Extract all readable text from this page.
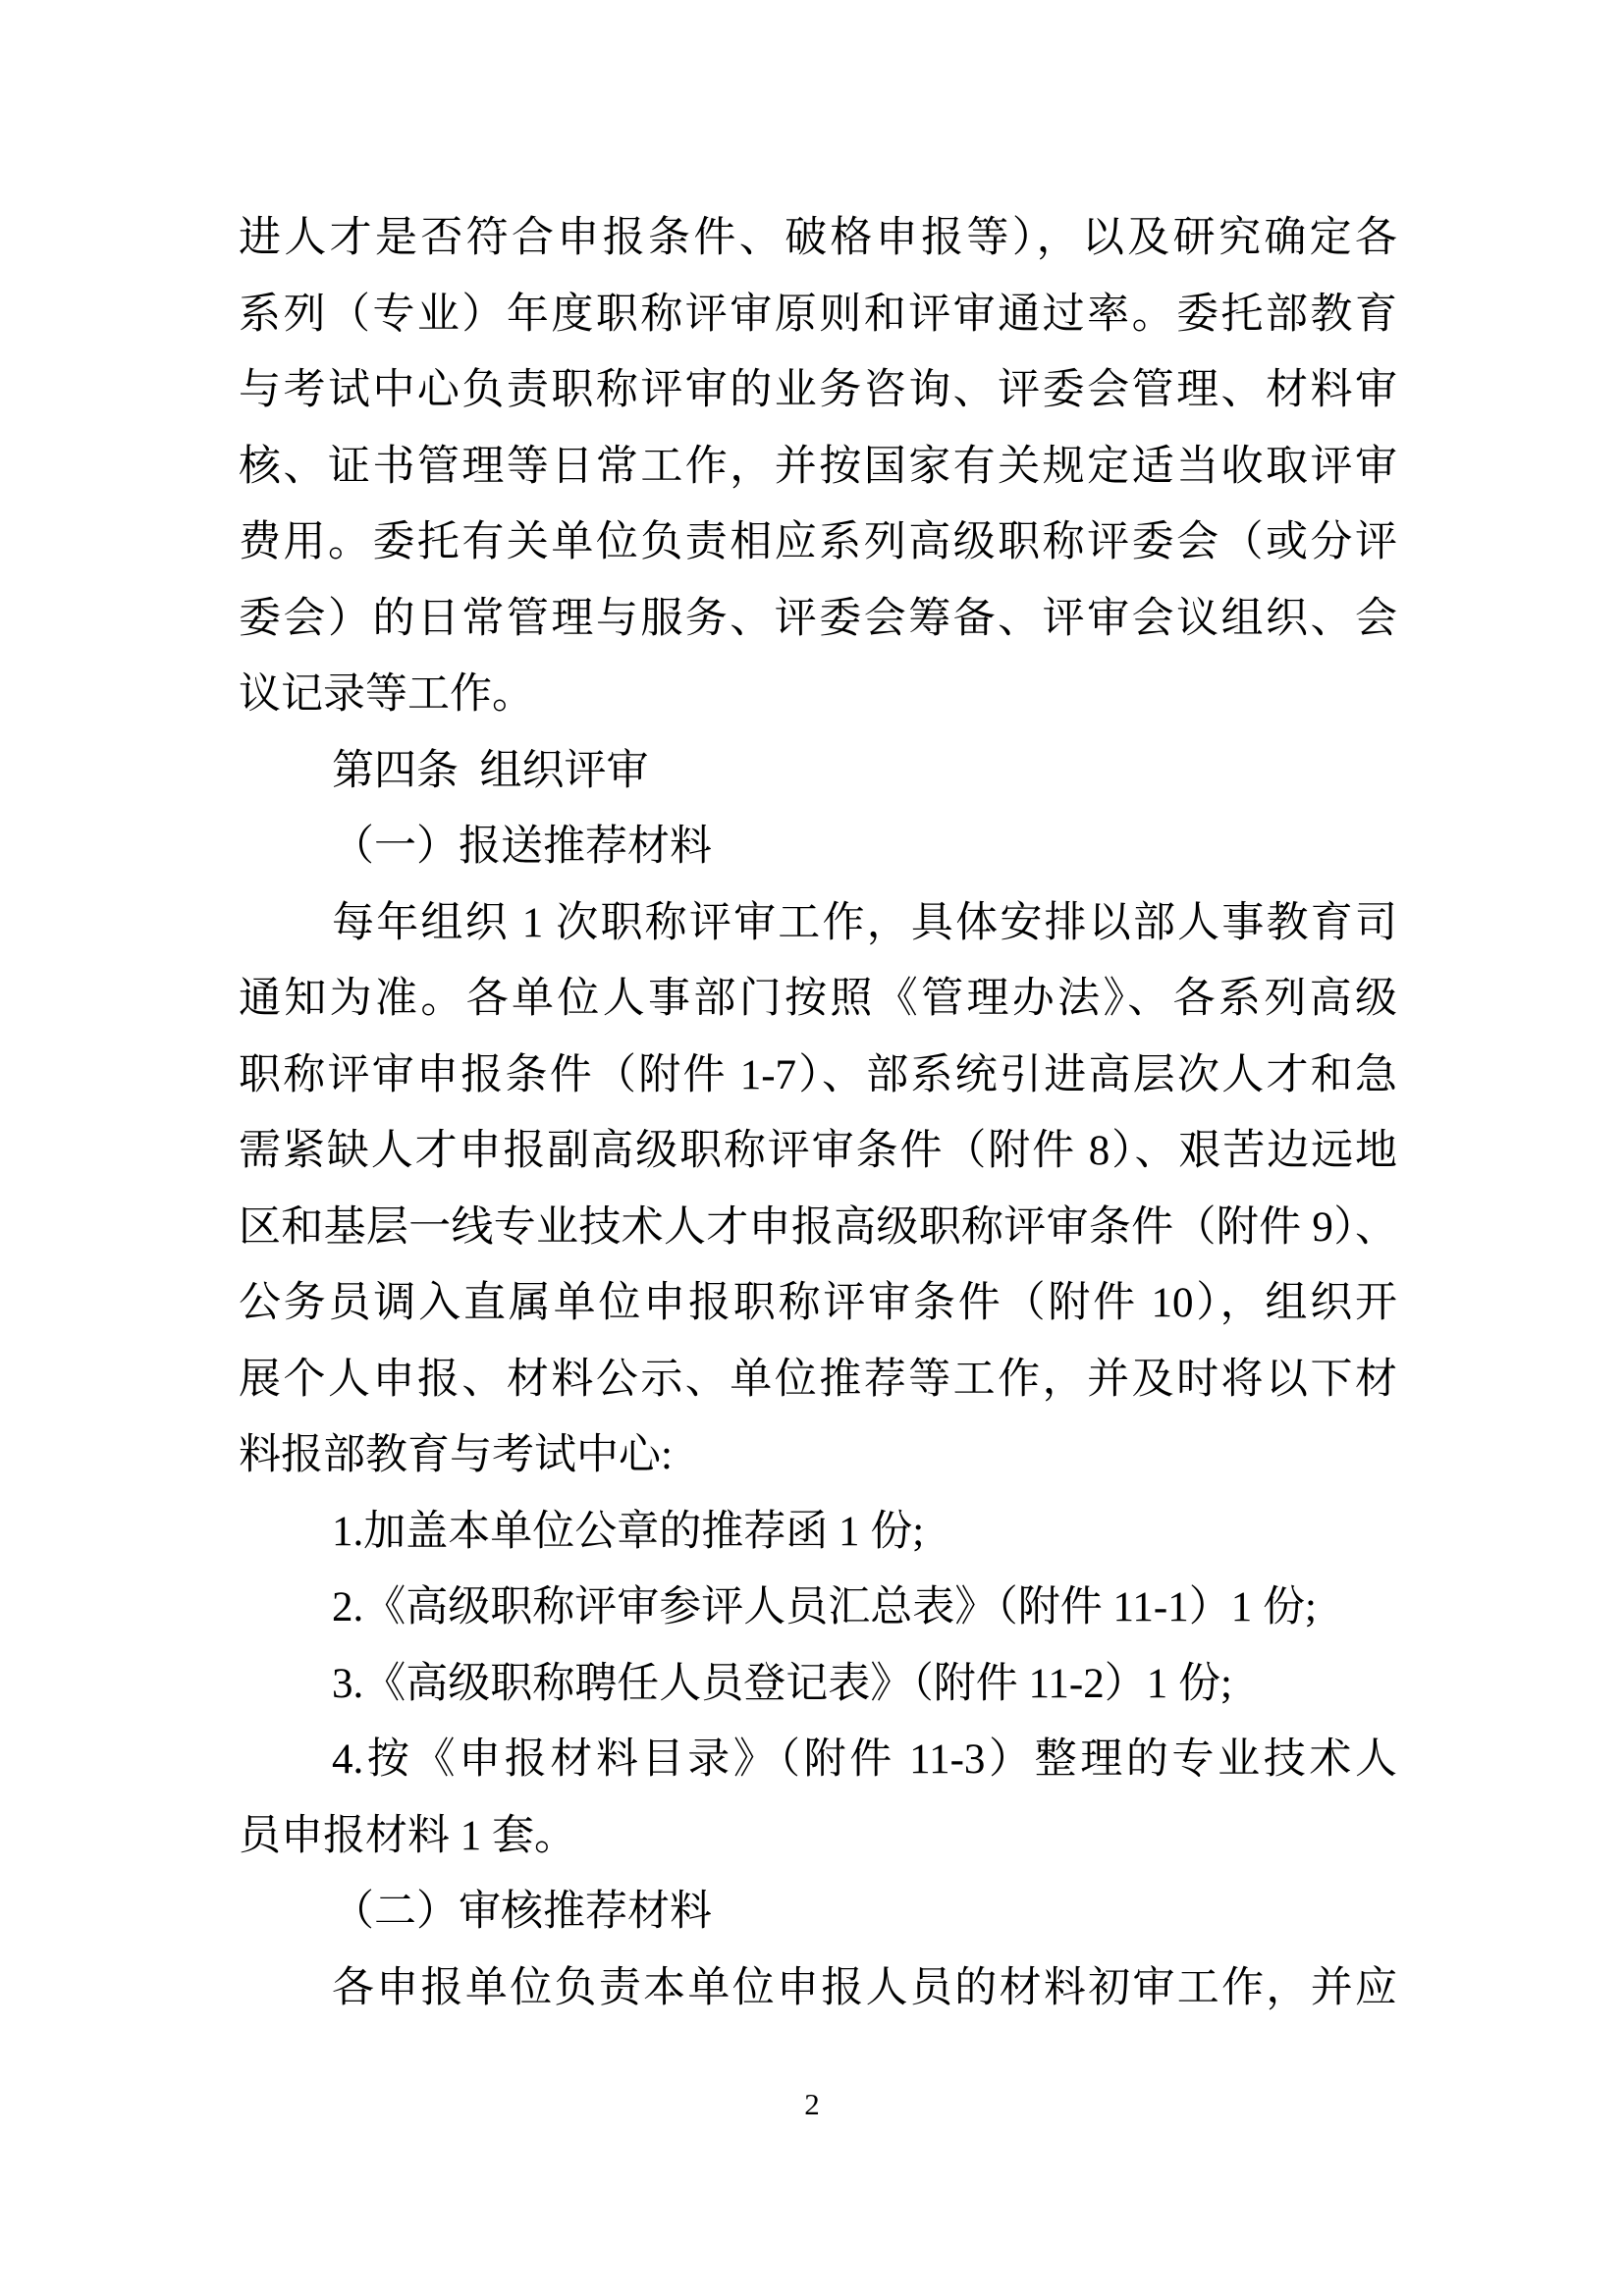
进人才是否符合申报条件、破格申报等），以及研究确定各
系列（专业）年度职称评审原则和评审通过率。委托部教育
与考试中心负责职称评审的业务咨询、评委会管理、材料审
核、证书管理等日常工作，并按国家有关规定适当收取评审
费用。委托有关单位负责相应系列高级职称评委会（或分评
委会）的日常管理与服务、评委会筹备、评审会议组织、会
议记录等工作。
第四条 组织评审
（一）报送推荐材料
每年组织 1 次职称评审工作，具体安排以部人事教育司
通知为准。各单位人事部门按照《管理办法》、各系列高级
职称评审申报条件（附件 1-7）、部系统引进高层次人才和急
需紧缺人才申报副高级职称评审条件（附件 8）、艰苦边远地
区和基层一线专业技术人才申报高级职称评审条件（附件 9）、
公务员调入直属单位申报职称评审条件（附件 10），组织开
展个人申报、材料公示、单位推荐等工作，并及时将以下材
料报部教育与考试中心:
1.加盖本单位公章的推荐函 1 份;
2.《高级职称评审参评人员汇总表》（附件 11-1）1 份;
3.《高级职称聘任人员登记表》（附件 11-2）1 份;
4.按《申报材料目录》（附件 11-3）整理的专业技术人
员申报材料 1 套。
（二）审核推荐材料
各申报单位负责本单位申报人员的材料初审工作，并应
2
